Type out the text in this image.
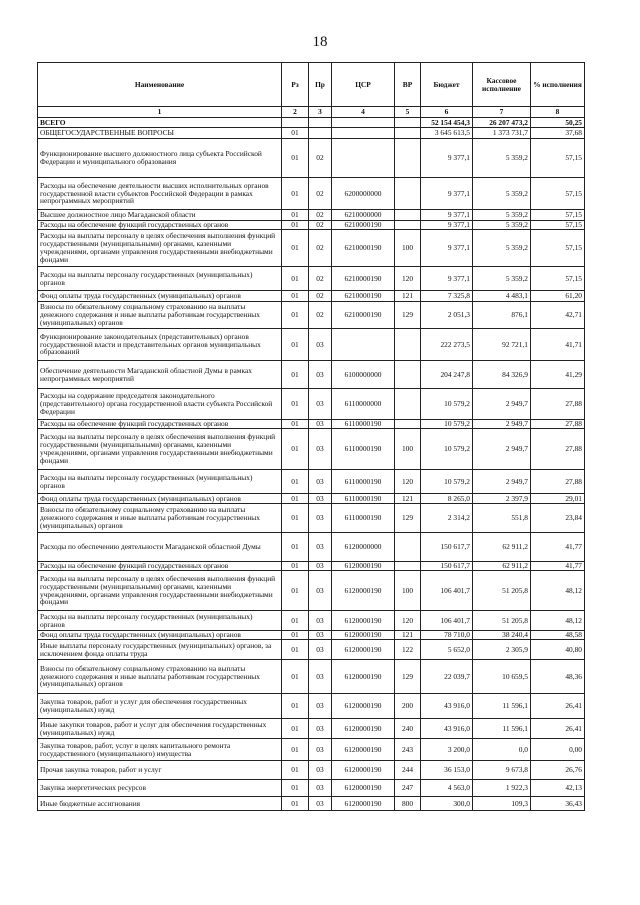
18
Наименование	Рз	Пр	ЦСР	ВР	Бюджет	Кассовое исполнение	% исполнения
1	2	3	4	5	6	7	8
ВСЕГО					52 154 454,3	26 207 473,2	50,25
ОБЩЕГОСУДАРСТВЕННЫЕ ВОПРОСЫ	01				3 645 613,5	1 373 731,7	37,68
Функционирование высшего должностного лица субъекта Российской Федерации и муниципального образования	01	02			9 377,1	5 359,2	57,15
Расходы на обеспечение деятельности высших исполнительных органов государственной власти субъектов Российской Федерации в рамках непрограммных мероприятий	01	02	6200000000		9 377,1	5 359,2	57,15
Высшее должностное лицо Магаданской области	01	02	6210000000		9 377,1	5 359,2	57,15
Расходы на обеспечение функций государственных органов	01	02	6210000190		9 377,1	5 359,2	57,15
Расходы на выплаты персоналу в целях обеспечения выполнения функций государственными (муниципальными) органами, казенными учреждениями, органами управления государственными внебюджетными фондами	01	02	6210000190	100	9 377,1	5 359,2	57,15
Расходы на выплаты персоналу государственных (муниципальных) органов	01	02	6210000190	120	9 377,1	5 359,2	57,15
Фонд оплаты труда государственных (муниципальных) органов	01	02	6210000190	121	7 325,8	4 483,1	61,20
Взносы по обязательному социальному страхованию на выплаты денежного содержания и иные выплаты работникам государственных (муниципальных) органов	01	02	6210000190	129	2 051,3	876,1	42,71
Функционирование законодательных (представительных) органов государственной власти и представительных органов муниципальных образований	01	03			222 273,5	92 721,1	41,71
Обеспечение деятельности Магаданской областной Думы в рамках непрограммных мероприятий	01	03	6100000000		204 247,8	84 326,9	41,29
Расходы на содержание председателя законодательного (представительного) органа государственной власти субъекта Российской Федерации	01	03	6110000000		10 579,2	2 949,7	27,88
Расходы на обеспечение функций государственных органов	01	03	6110000190		10 579,2	2 949,7	27,88
Расходы на выплаты персоналу в целях обеспечения выполнения функций государственными (муниципальными) органами, казенными учреждениями, органами управления государственными внебюджетными фондами	01	03	6110000190	100	10 579,2	2 949,7	27,88
Расходы на выплаты персоналу государственных (муниципальных) органов	01	03	6110000190	120	10 579,2	2 949,7	27,88
Фонд оплаты труда государственных (муниципальных) органов	01	03	6110000190	121	8 265,0	2 397,9	29,01
Взносы по обязательному социальному страхованию на выплаты денежного содержания и иные выплаты работникам государственных (муниципальных) органов	01	03	6110000190	129	2 314,2	551,8	23,84
Расходы по обеспечению деятельности Магаданской областной Думы	01	03	6120000000		150 617,7	62 911,2	41,77
Расходы на обеспечение функций государственных органов	01	03	6120000190		150 617,7	62 911,2	41,77
Расходы на выплаты персоналу в целях обеспечения выполнения функций государственными (муниципальными) органами, казенными учреждениями, органами управления государственными внебюджетными фондами	01	03	6120000190	100	106 401,7	51 205,8	48,12
Расходы на выплаты персоналу государственных (муниципальных) органов	01	03	6120000190	120	106 401,7	51 205,8	48,12
Фонд оплаты труда государственных (муниципальных) органов	01	03	6120000190	121	78 710,0	38 240,4	48,58
Иные выплаты персоналу государственных (муниципальных) органов, за исключением фонда оплаты труда	01	03	6120000190	122	5 652,0	2 305,9	40,80
Взносы по обязательному социальному страхованию на выплаты денежного содержания и иные выплаты работникам государственных (муниципальных) органов	01	03	6120000190	129	22 039,7	10 659,5	48,36
Закупка товаров, работ и услуг для обеспечения государственных (муниципальных) нужд	01	03	6120000190	200	43 916,0	11 596,1	26,41
Иные закупки товаров, работ и услуг для обеспечения государственных (муниципальных) нужд	01	03	6120000190	240	43 916,0	11 596,1	26,41
Закупка товаров, работ, услуг в целях капитального ремонта государственного (муниципального) имущества	01	03	6120000190	243	3 200,0	0,0	0,00
Прочая закупка товаров, работ и услуг	01	03	6120000190	244	36 153,0	9 673,8	26,76
Закупка энергетических ресурсов	01	03	6120000190	247	4 563,0	1 922,3	42,13
Иные бюджетные ассигнования	01	03	6120000190	800	300,0	109,3	36,43
